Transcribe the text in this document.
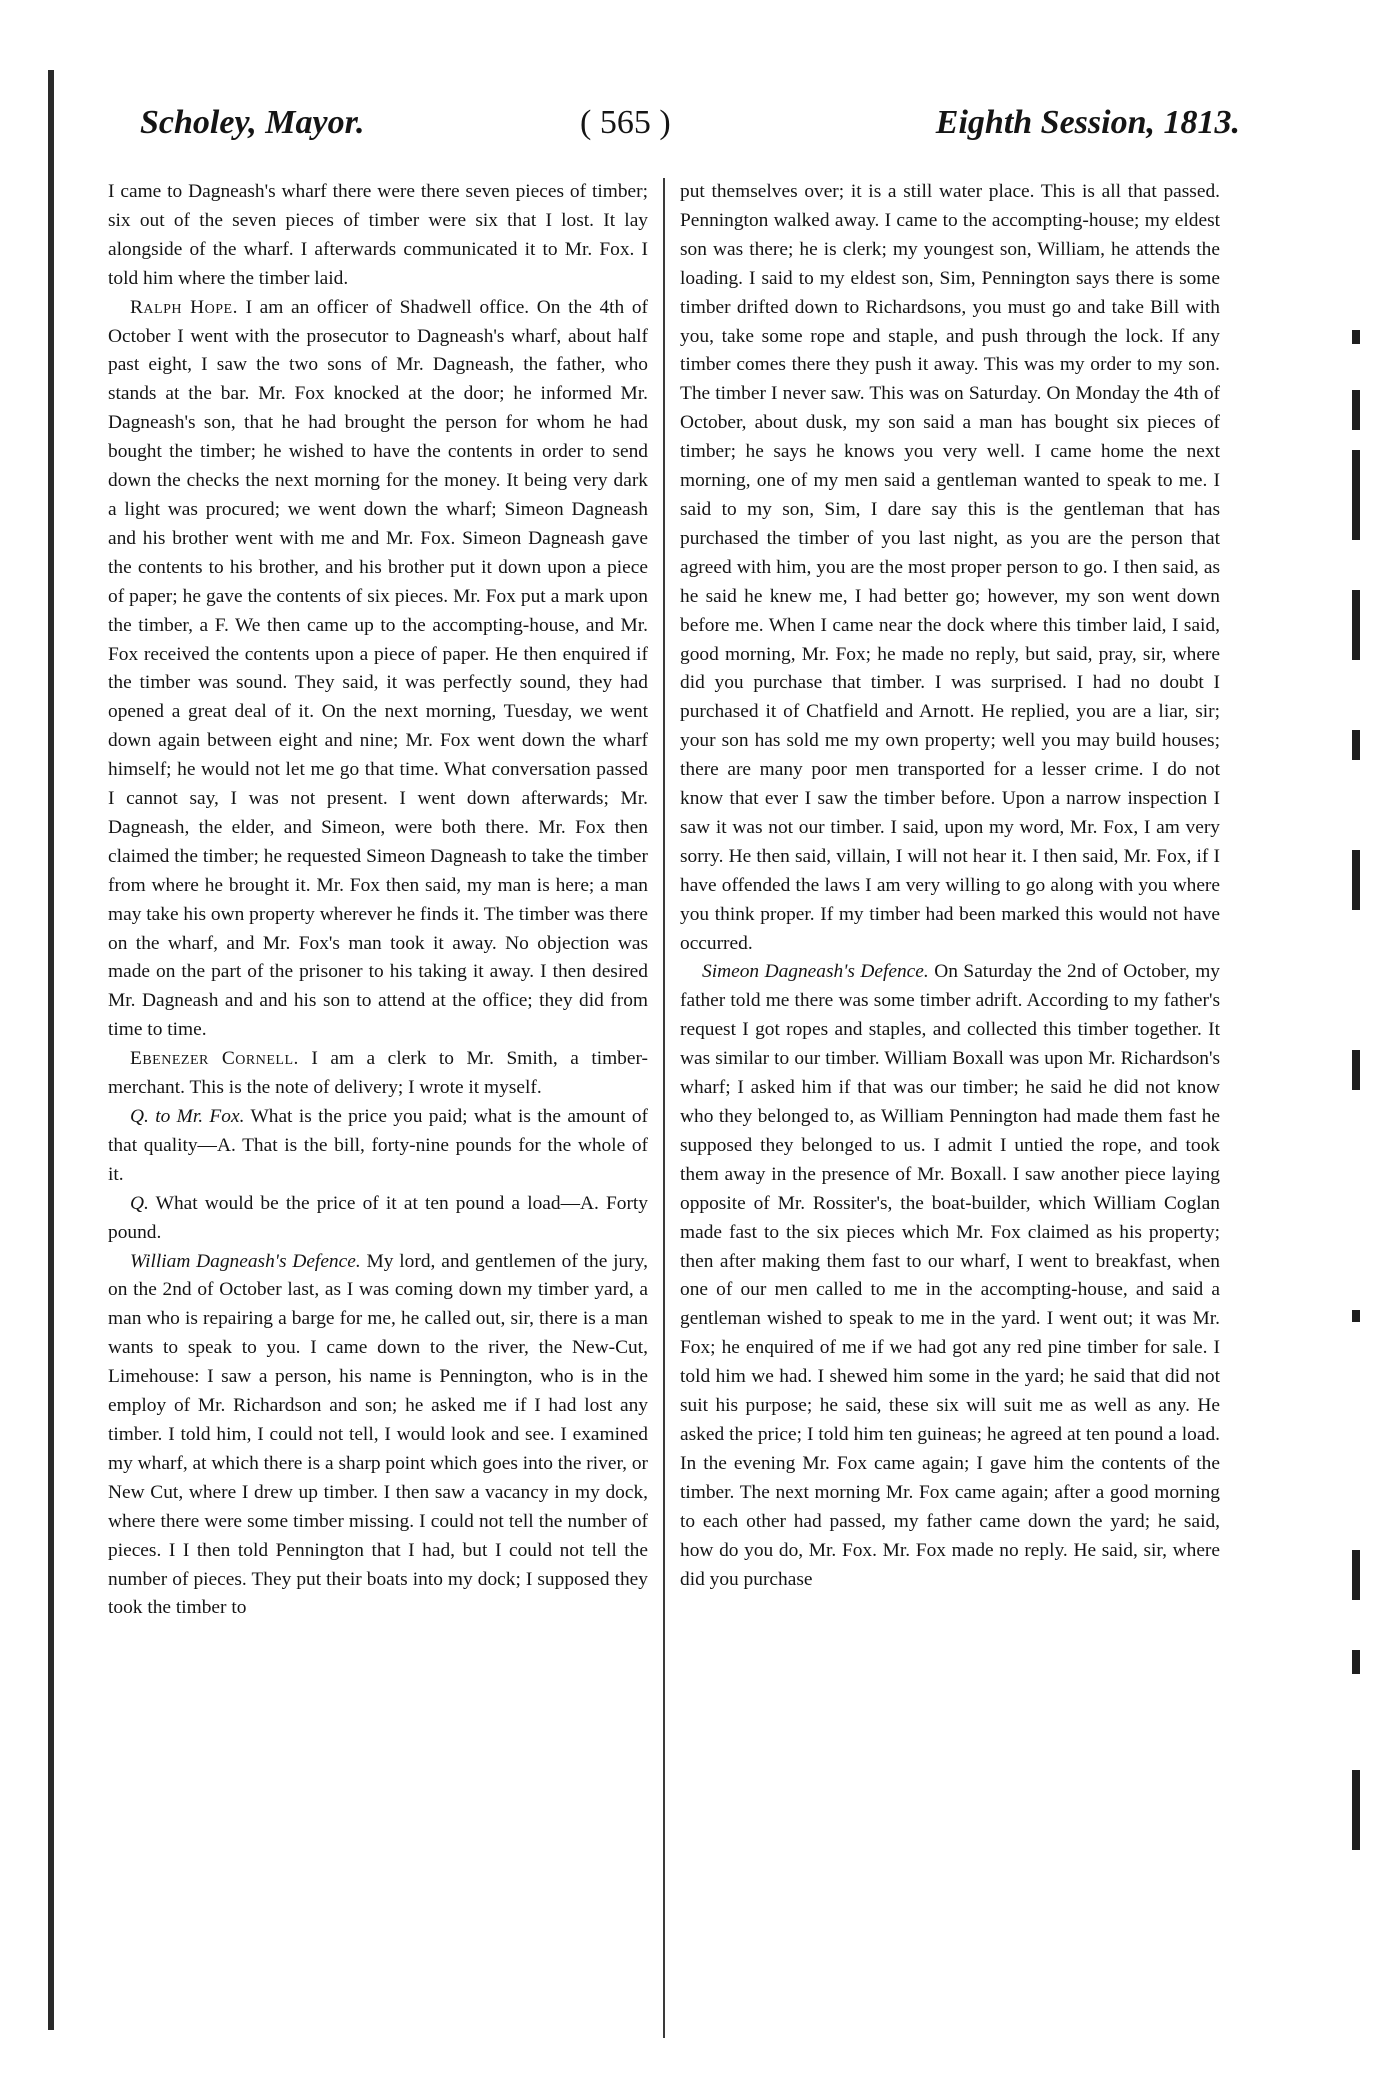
Scholey, Mayor.	( 565 )	Eighth Session, 1813.

I came to Dagneash's wharf there were there seven pieces of timber; six out of the seven pieces of timber were six that I lost. It lay alongside of the wharf. I afterwards communicated it to Mr. Fox. I told him where the timber laid.

Ralph Hope. I am an officer of Shadwell office. On the 4th of October I went with the prosecutor to Dagneash's wharf, about half past eight, I saw the two sons of Mr. Dagneash, the father, who stands at the bar. Mr. Fox knocked at the door; he informed Mr. Dagneash's son, that he had brought the person for whom he had bought the timber; he wished to have the contents in order to send down the checks the next morning for the money. It being very dark a light was procured; we went down the wharf; Simeon Dagneash and his brother went with me and Mr. Fox. Simeon Dagneash gave the contents to his brother, and his brother put it down upon a piece of paper; he gave the contents of six pieces. Mr. Fox put a mark upon the timber, a F. We then came up to the accompting-house, and Mr. Fox received the contents upon a piece of paper. He then enquired if the timber was sound. They said, it was perfectly sound, they had opened a great deal of it. On the next morning, Tuesday, we went down again between eight and nine; Mr. Fox went down the wharf himself; he would not let me go that time. What conversation passed I cannot say, I was not present. I went down afterwards; Mr. Dagneash, the elder, and Simeon, were both there. Mr. Fox then claimed the timber; he requested Simeon Dagneash to take the timber from where he brought it. Mr. Fox then said, my man is here; a man may take his own property wherever he finds it. The timber was there on the wharf, and Mr. Fox's man took it away. No objection was made on the part of the prisoner to his taking it away. I then desired Mr. Dagneash and and his son to attend at the office; they did from time to time.

Ebenezer Cornell. I am a clerk to Mr. Smith, a timber-merchant. This is the note of delivery; I wrote it myself.

Q. to Mr. Fox. What is the price you paid; what is the amount of that quality—A. That is the bill, forty-nine pounds for the whole of it.

Q. What would be the price of it at ten pound a load—A. Forty pound.

William Dagneash's Defence. My lord, and gentlemen of the jury, on the 2nd of October last, as I was coming down my timber yard, a man who is repairing a barge for me, he called out, sir, there is a man wants to speak to you. I came down to the river, the New-Cut, Limehouse: I saw a person, his name is Pennington, who is in the employ of Mr. Richardson and son; he asked me if I had lost any timber. I told him, I could not tell, I would look and see. I examined my wharf, at which there is a sharp point which goes into the river, or New Cut, where I drew up timber. I then saw a vacancy in my dock, where there were some timber missing. I could not tell the number of pieces. I I then told Pennington that I had, but I could not tell the number of pieces. They put their boats into my dock; I supposed they took the timber to

put themselves over; it is a still water place. This is all that passed. Pennington walked away. I came to the accompting-house; my eldest son was there; he is clerk; my youngest son, William, he attends the loading. I said to my eldest son, Sim, Pennington says there is some timber drifted down to Richardsons, you must go and take Bill with you, take some rope and staple, and push through the lock. If any timber comes there they push it away. This was my order to my son. The timber I never saw. This was on Saturday. On Monday the 4th of October, about dusk, my son said a man has bought six pieces of timber; he says he knows you very well. I came home the next morning, one of my men said a gentleman wanted to speak to me. I said to my son, Sim, I dare say this is the gentleman that has purchased the timber of you last night, as you are the person that agreed with him, you are the most proper person to go. I then said, as he said he knew me, I had better go; however, my son went down before me. When I came near the dock where this timber laid, I said, good morning, Mr. Fox; he made no reply, but said, pray, sir, where did you purchase that timber. I was surprised. I had no doubt I purchased it of Chatfield and Arnott. He replied, you are a liar, sir; your son has sold me my own property; well you may build houses; there are many poor men transported for a lesser crime. I do not know that ever I saw the timber before. Upon a narrow inspection I saw it was not our timber. I said, upon my word, Mr. Fox, I am very sorry. He then said, villain, I will not hear it. I then said, Mr. Fox, if I have offended the laws I am very willing to go along with you where you think proper. If my timber had been marked this would not have occurred.

Simeon Dagneash's Defence. On Saturday the 2nd of October, my father told me there was some timber adrift. According to my father's request I got ropes and staples, and collected this timber together. It was similar to our timber. William Boxall was upon Mr. Richardson's wharf; I asked him if that was our timber; he said he did not know who they belonged to, as William Pennington had made them fast he supposed they belonged to us. I admit I untied the rope, and took them away in the presence of Mr. Boxall. I saw another piece laying opposite of Mr. Rossiter's, the boat-builder, which William Coglan made fast to the six pieces which Mr. Fox claimed as his property; then after making them fast to our wharf, I went to breakfast, when one of our men called to me in the accompting-house, and said a gentleman wished to speak to me in the yard. I went out; it was Mr. Fox; he enquired of me if we had got any red pine timber for sale. I told him we had. I shewed him some in the yard; he said that did not suit his purpose; he said, these six will suit me as well as any. He asked the price; I told him ten guineas; he agreed at ten pound a load. In the evening Mr. Fox came again; I gave him the contents of the timber. The next morning Mr. Fox came again; after a good morning to each other had passed, my father came down the yard; he said, how do you do, Mr. Fox. Mr. Fox made no reply. He said, sir, where did you purchase
